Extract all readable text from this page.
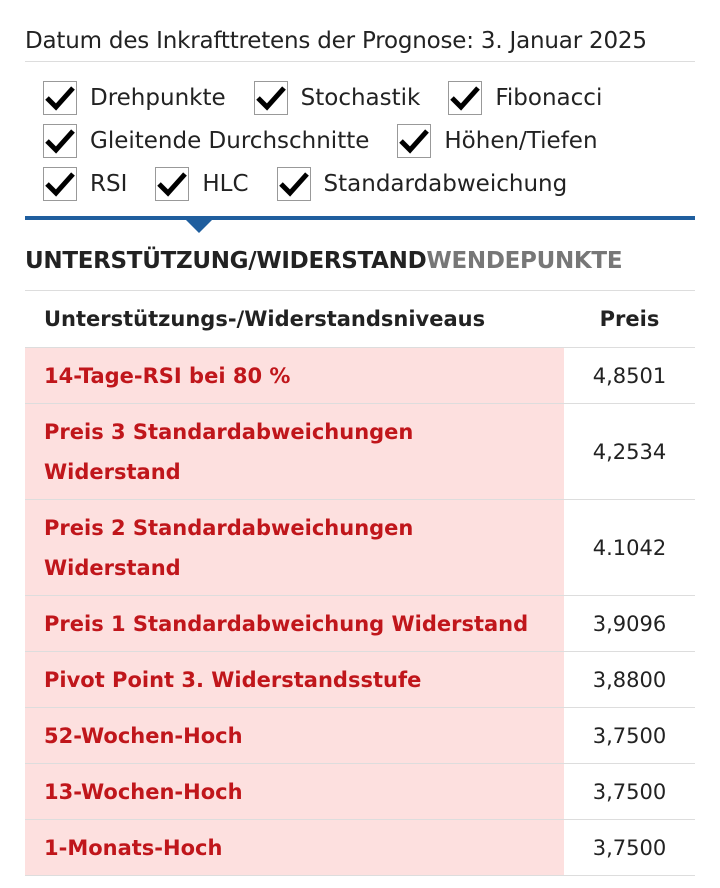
Datum des Inkrafttretens der Prognose: 3. Januar 2025
Drehpunkte	Stochastik	Fibonacci
Gleitende Durchschnitte	Höhen/Tiefen
RSI	HLC	Standardabweichung
UNTERSTÜTZUNG/WIDERSTAND WENDEPUNKTE
Unterstützungs-/Widerstandsniveaus	Preis
14-Tage-RSI bei 80 %	4,8501
Preis 3 Standardabweichungen Widerstand	4,2534
Preis 2 Standardabweichungen Widerstand	4.1042
Preis 1 Standardabweichung Widerstand	3,9096
Pivot Point 3. Widerstandsstufe	3,8800
52-Wochen-Hoch	3,7500
13-Wochen-Hoch	3,7500
1-Monats-Hoch	3,7500
